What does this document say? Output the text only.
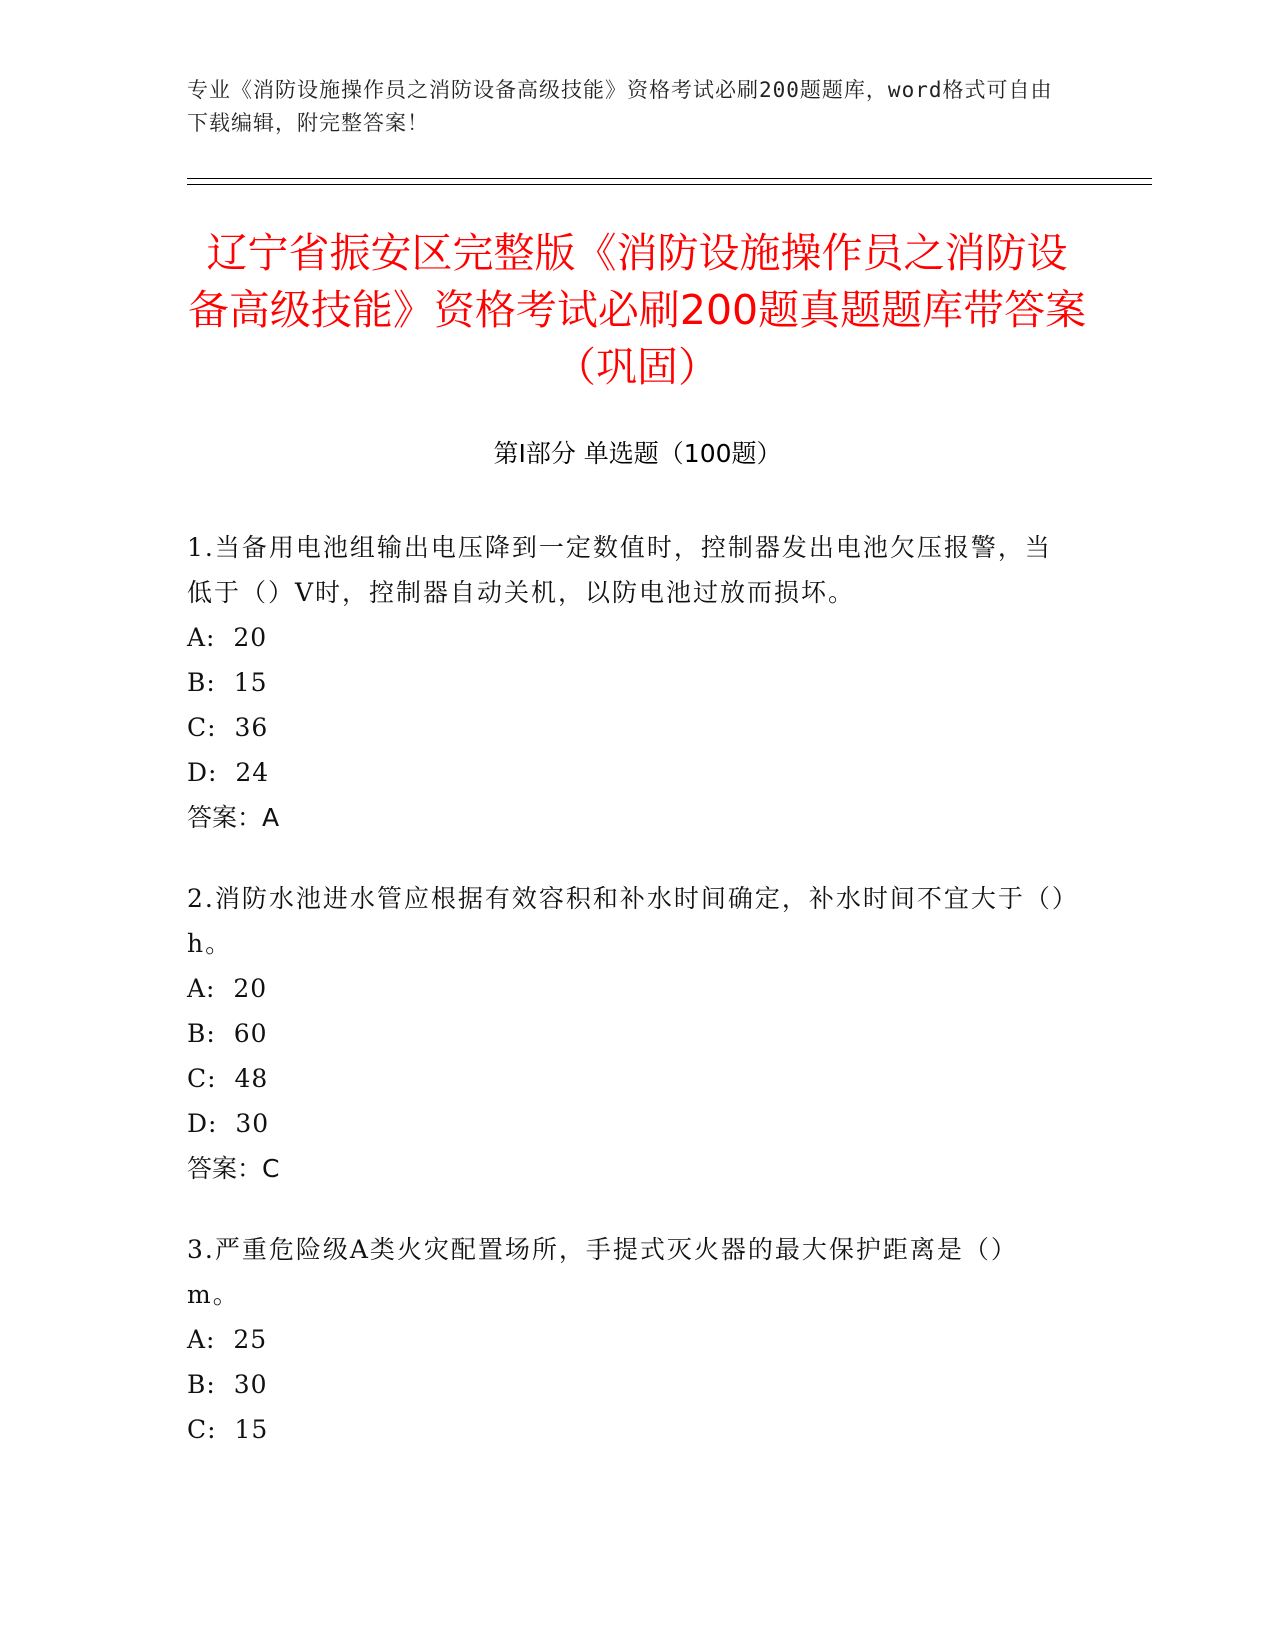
专业《消防设施操作员之消防设备高级技能》资格考试必刷200题题库，word格式可自由下载编辑，附完整答案！
辽宁省振安区完整版《消防设施操作员之消防设备高级技能》资格考试必刷200题真题题库带答案（巩固）
第Ⅰ部分 单选题（100题）

1.当备用电池组输出电压降到一定数值时，控制器发出电池欠压报警，当低于（）V时，控制器自动关机，以防电池过放而损坏。

A:  20

B:  15

C:  36

D:  24

答案：A

2.消防水池进水管应根据有效容积和补水时间确定，补水时间不宜大于（）h。

A:  20

B:  60

C:  48

D:  30

答案：C

3.严重危险级A类火灾配置场所，手提式灭火器的最大保护距离是（）m。

A:  25

B:  30

C:  15
